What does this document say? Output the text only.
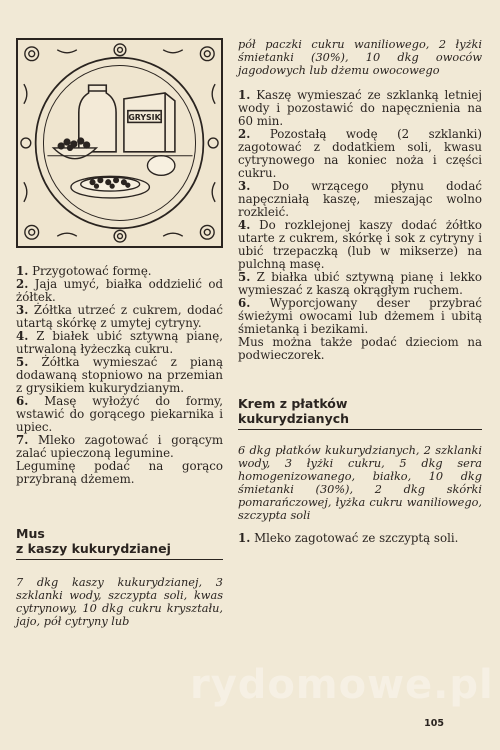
GRYSIK

1. Przygotować formę.

2. Jaja umyć, białka oddzielić od żółtek.

3. Żółtka utrzeć z cukrem, dodać utartą skórkę z umytej cytryny.

4. Z białek ubić sztywną pianę, utrwaloną łyżeczką cukru.

5. Żółtka wymieszać z pianą dodawaną stopniowo na przemian z grysikiem kukurydzianym.

6. Masę wyłożyć do formy, wstawić do gorącego piekarnika i upiec.

7. Mleko zagotować i gorącym zalać upieczoną legumine.

Leguminę podać na gorąco przybraną dżemem.

Mus

z kaszy kukurydzianej

7 dkg kaszy kukurydzianej, 3 szklanki wody, szczypta soli, kwas cytrynowy, 10 dkg cukru kryształu, jajo, pół cytryny lub

pół paczki cukru waniliowego, 2 łyżki śmietanki (30%), 10 dkg owoców jagodowych lub dżemu owocowego

1. Kaszę wymieszać ze szklanką letniej wody i pozostawić do napęcznienia na 60 min.

2. Pozostałą wodę (2 szklanki) zagotować z dodatkiem soli, kwasu cytrynowego na koniec noża i części cukru.

3. Do wrzącego płynu dodać napęczniałą kaszę, mieszając wolno rozkleić.

4. Do rozklejonej kaszy dodać żółtko utarte z cukrem, skórkę i sok z cytryny i ubić trzepaczką (lub w mikserze) na pulchną masę.

5. Z białka ubić sztywną pianę i lekko wymieszać z kaszą okrągłym ruchem.

6. Wyporcjowany deser przybrać świeżymi owocami lub dżemem i ubitą śmietanką i bezikami.

Mus można także podać dzieciom na podwieczorek.

Krem z płatków

kukurydzianych

6 dkg płatków kukurydzianych, 2 szklanki wody, 3 łyżki cukru, 5 dkg sera homogenizowanego, białko, 10 dkg śmietanki (30%), 2 dkg skórki pomarańczowej, łyżka cukru waniliowego, szczypta soli

1. Mleko zagotować ze szczyptą soli.

rydomowe.pl
105
